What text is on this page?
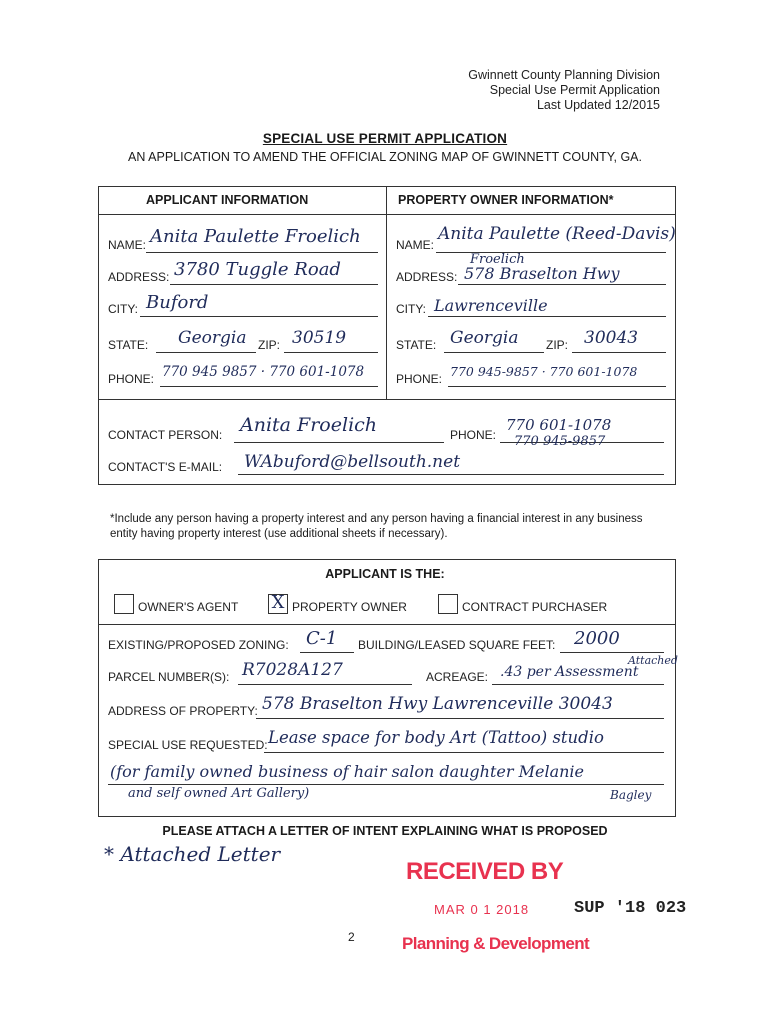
Gwinnett County Planning Division
Special Use Permit Application
Last Updated 12/2015
SPECIAL USE PERMIT APPLICATION
AN APPLICATION TO AMEND THE OFFICIAL ZONING MAP OF GWINNETT COUNTY, GA.
APPLICANT INFORMATION	PROPERTY OWNER INFORMATION*
NAME: Anita Paulette Froelich
ADDRESS: 3780 Tuggle Road
CITY: Buford
STATE: Georgia ZIP: 30519
PHONE: 770 945 9857 · 770 601-1078
NAME:
Anita Paulette (Reed-Davis)
Froelich
ADDRESS: 578 Braselton Hwy
CITY: Lawrenceville
STATE: Georgia ZIP: 30043
PHONE: 770 945-9857 · 770 601-1078
CONTACT PERSON: Anita Froelich	PHONE:
770 601-1078
770 945-9857
CONTACT'S E-MAIL: WAbuford@bellsouth.net
*Include any person having a property interest and any person having a financial interest in any business entity having property interest (use additional sheets if necessary).
APPLICANT IS THE:
OWNER'S AGENT X PROPERTY OWNER	CONTRACT PURCHASER
EXISTING/PROPOSED ZONING: C-1 BUILDING/LEASED SQUARE FEET: 2000
PARCEL NUMBER(S): R7028A127	ACREAGE: .43 per Assessment
Attached
ADDRESS OF PROPERTY: 578 Braselton Hwy Lawrenceville 30043
SPECIAL USE REQUESTED: Lease space for body Art (Tattoo) studio
(for family owned business of hair salon daughter Melanie
and self owned Art Gallery)	Bagley
PLEASE ATTACH A LETTER OF INTENT EXPLAINING WHAT IS PROPOSED
* Attached Letter
RECEIVED BY
MAR 0 1 2018	SUP '18 023
Planning & Development
2
